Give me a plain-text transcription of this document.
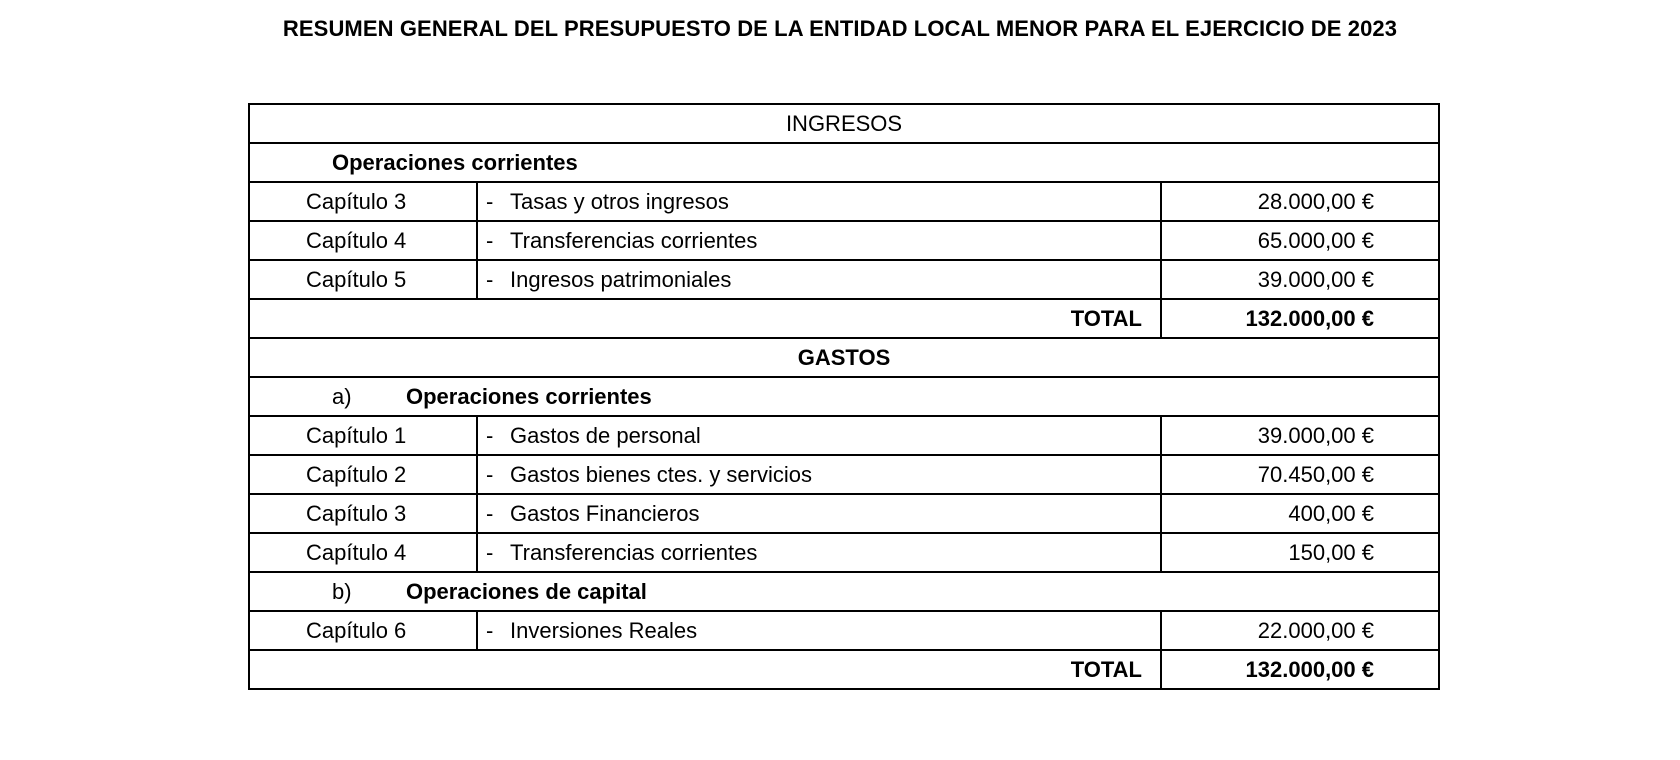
RESUMEN GENERAL DEL PRESUPUESTO DE LA ENTIDAD LOCAL MENOR PARA EL EJERCICIO DE 2023
INGRESOS		
Operaciones corrientes		
Capítulo 3	- Tasas y otros ingresos	28.000,00 €
Capítulo 4	- Transferencias corrientes	65.000,00 €
Capítulo 5	- Ingresos patrimoniales	39.000,00 €
TOTAL		132.000,00 €
GASTOS		
a) Operaciones corrientes		
Capítulo 1	- Gastos de personal	39.000,00 €
Capítulo 2	- Gastos bienes ctes. y servicios	70.450,00 €
Capítulo 3	- Gastos Financieros	400,00 €
Capítulo 4	- Transferencias corrientes	150,00 €
b) Operaciones de capital		
Capítulo 6	- Inversiones Reales	22.000,00 €
TOTAL		132.000,00 €
